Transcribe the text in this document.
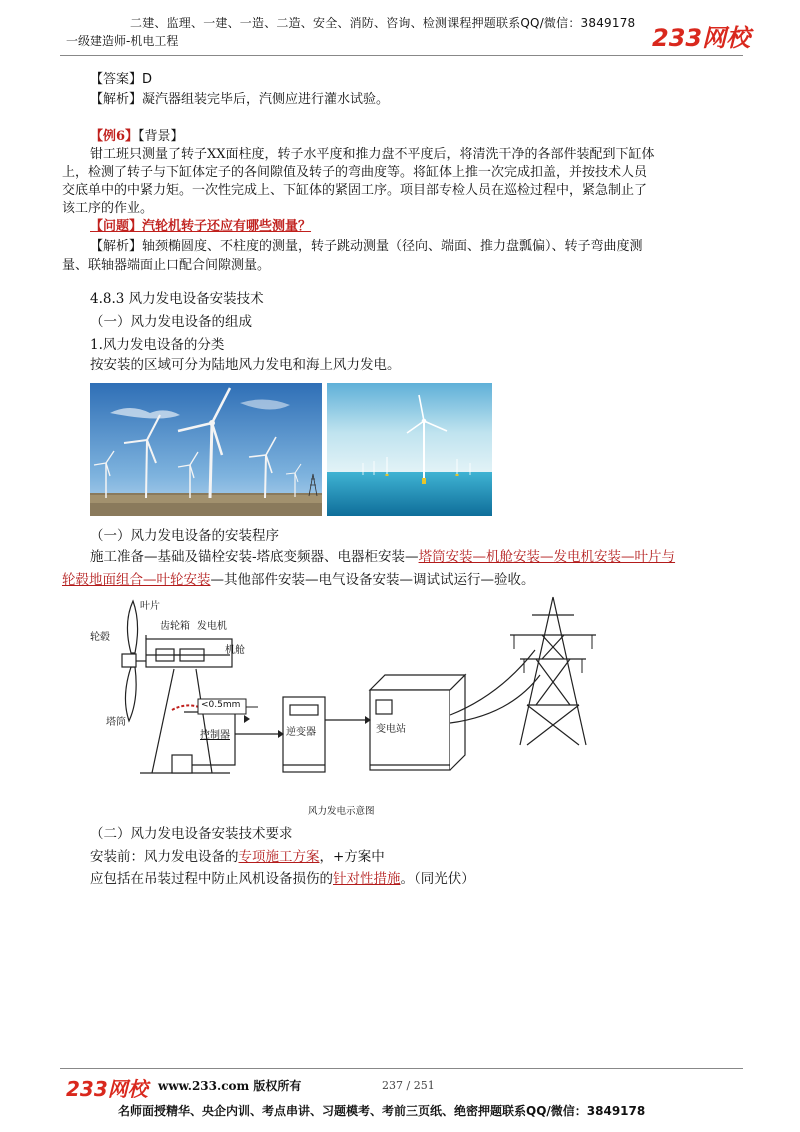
二建、监理、一建、一造、二造、安全、消防、咨询、检测课程押题联系QQ/微信：3849178
一级建造师-机电工程	233网校
【答案】D
【解析】凝汽器组装完毕后，汽侧应进行灌水试验。
【例6】【背景】
钳工班只测量了转子XX面柱度，转子水平度和推力盘不平度后，将清洗干净的各部件装配到下缸体
上，检测了转子与下缸体定子的各间隙值及转子的弯曲度等。将缸体上推一次完成扣盖，并按技术人员
交底单中的中紧力矩。一次性完成上、下缸体的紧固工序。项目部专检人员在巡检过程中，紧急制止了
该工序的作业。
【问题】汽轮机转子还应有哪些测量？
【解析】轴颈椭圆度、不柱度的测量，转子跳动测量（径向、端面、推力盘瓢偏）、转子弯曲度测
量、联轴器端面止口配合间隙测量。
4.8.3 风力发电设备安装技术
（一）风力发电设备的组成
1.风力发电设备的分类
按安装的区域可分为陆地风力发电和海上风力发电。
（一）风力发电设备的安装程序
施工准备—基础及锚栓安装-塔底变频器、电器柜安装—塔筒安装—机舱安装—发电机安装—叶片与
轮毂地面组合—叶轮安装—其他部件安装—电气设备安装—调试试运行—验收。
叶片
轮毂
齿轮箱 发电机
机舱
塔筒
<0.5mm
控制器	逆变器	变电站
风力发电示意图
（二）风力发电设备安装技术要求
安装前：风力发电设备的专项施工方案，+方案中
应包括在吊装过程中防止风机设备损伤的针对性措施。（同光伏）
233网校 www.233.com 版权所有	237 / 251
名师面授精华、央企内训、考点串讲、习题模考、考前三页纸、绝密押题联系QQ/微信：3849178
